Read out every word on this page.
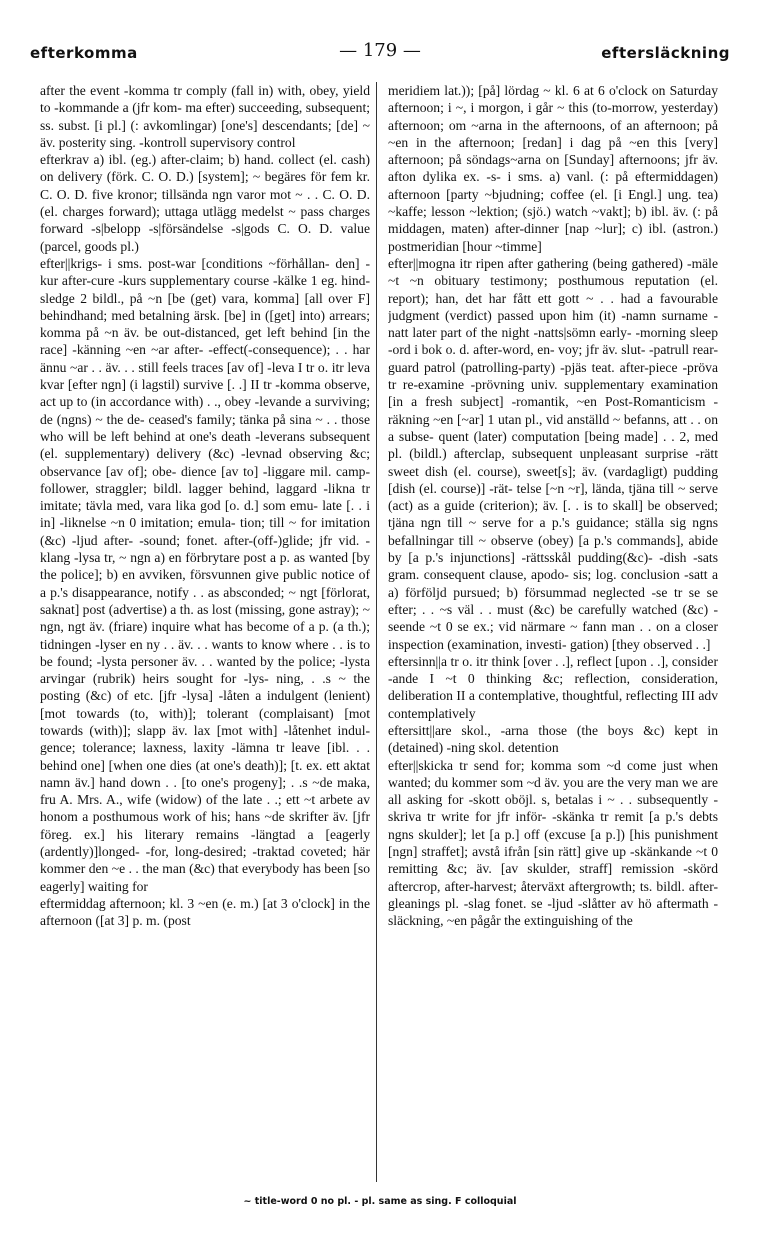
efterkomma	— 179 —	eftersläckning

after the event -komma tr comply (fall in) with, obey, yield to -kommande a (jfr kom- ma efter) succeeding, subsequent; ss. subst. [i pl.] (: avkomlingar) [one's] descendants; [de] ~ äv. posterity sing. -kontroll supervisory control

efterkrav a) ibl. (eg.) after-claim; b) hand. collect (el. cash) on delivery (förk. C. O. D.) [system]; ~ begäres för fem kr. C. O. D. five kronor; tillsända ngn varor mot ~ . . C. O. D. (el. charges forward); uttaga utlägg medelst ~ pass charges forward -s|belopp -s|försändelse -s|gods C. O. D. value (parcel, goods pl.)

efter||krigs- i sms. post-war [conditions ~förhållan- den] -kur after-cure -kurs supplementary course -kälke 1 eg. hind-sledge 2 bildl., på ~n [be (get) vara, komma] [all over F] behindhand; med betalning ärsk. [be] in ([get] into) arrears; komma på ~n äv. be out-distanced, get left behind [in the race] -känning ~en ~ar after- -effect(-consequence); . . har ännu ~ar . . äv. . . still feels traces [av of] -leva I tr o. itr leva kvar [efter ngn] (i lagstil) survive [. .] II tr -komma observe, act up to (in accordance with) . ., obey -levande a surviving; de (ngns) ~ the de- ceased's family; tänka på sina ~ . . those who will be left behind at one's death -leverans subsequent (el. supplementary) delivery (&c) -levnad observing &c; observance [av of]; obe- dience [av to] -liggare mil. camp-follower, straggler; bildl. lagger behind, laggard -likna tr imitate; tävla med, vara lika god [o. d.] som emu- late [. . i in] -liknelse ~n 0 imitation; emula- tion; till ~ for imitation (&c) -ljud after- -sound; fonet. after-(off-)glide; jfr vid. -klang -lysa tr, ~ ngn a) en förbrytare post a p. as wanted [by the police]; b) en avviken, försvunnen give public notice of a p.'s disappearance, notify . . as absconded; ~ ngt [förlorat, saknat] post (advertise) a th. as lost (missing, gone astray); ~ ngn, ngt äv. (friare) inquire what has become of a p. (a th.); tidningen -lyser en ny . . äv. . . wants to know where . . is to be found; -lysta personer äv. . . wanted by the police; -lysta arvingar (rubrik) heirs sought for -lys- ning, . .s ~ the posting (&c) of etc. [jfr -lysa] -låten a indulgent (lenient) [mot towards (to, with)]; tolerant (complaisant) [mot towards (with)]; slapp äv. lax [mot with] -låtenhet indul- gence; tolerance; laxness, laxity -lämna tr leave [ibl. . . behind one] [when one dies (at one's death)]; [t. ex. ett aktat namn äv.] hand down . . [to one's progeny]; . .s ~de maka, fru A. Mrs. A., wife (widow) of the late . .; ett ~t arbete av honom a posthumous work of his; hans ~de skrifter äv. [jfr föreg. ex.] his literary remains -längtad a [eagerly (ardently)]longed- -for, long-desired; -traktad coveted; här kommer den ~e . . the man (&c) that everybody has been [so eagerly] waiting for

eftermiddag afternoon; kl. 3 ~en (e. m.) [at 3 o'clock] in the afternoon ([at 3] p. m. (post

meridiem lat.)); [på] lördag ~ kl. 6 at 6 o'clock on Saturday afternoon; i ~, i morgon, i går ~ this (to-morrow, yesterday) afternoon; om ~arna in the afternoons, of an afternoon; på ~en in the afternoon; [redan] i dag på ~en this [very] afternoon; på söndags~arna on [Sunday] afternoons; jfr äv. afton dylika ex. -s- i sms. a) vanl. (: på eftermiddagen) afternoon [party ~bjudning; coffee (el. [i Engl.] ung. tea) ~kaffe; lesson ~lektion; (sjö.) watch ~vakt]; b) ibl. äv. (: på middagen, maten) after-dinner [nap ~lur]; c) ibl. (astron.) postmeridian [hour ~timme]

efter||mogna itr ripen after gathering (being gathered) -mäle ~t ~n obituary testimony; posthumous reputation (el. report); han, det har fått ett gott ~ . . had a favourable judgment (verdict) passed upon him (it) -namn surname -natt later part of the night -natts|sömn early- -morning sleep -ord i bok o. d. after-word, en- voy; jfr äv. slut- -patrull rear-guard patrol (patrolling-party) -pjäs teat. after-piece -pröva tr re-examine -prövning univ. supplementary examination [in a fresh subject] -romantik, ~en Post-Romanticism -räkning ~en [~ar] 1 utan pl., vid anställd ~ befanns, att . . on a subse- quent (later) computation [being made] . . 2, med pl. (bildl.) afterclap, subsequent unpleasant surprise -rätt sweet dish (el. course), sweet[s]; äv. (vardagligt) pudding [dish (el. course)] -rät- telse [~n ~r], lända, tjäna till ~ serve (act) as a guide (criterion); äv. [. . is to skall] be observed; tjäna ngn till ~ serve for a p.'s guidance; ställa sig ngns befallningar till ~ observe (obey) [a p.'s commands], abide by [a p.'s injunctions] -rättsskål pudding(&c)- -dish -sats gram. consequent clause, apodo- sis; log. conclusion -satt a a) förföljd pursued; b) försummad neglected -se tr se se efter; . . ~s väl . . must (&c) be carefully watched (&c) -seende ~t 0 se ex.; vid närmare ~ fann man . . on a closer inspection (examination, investi- gation) [they observed . .]

eftersinn||a tr o. itr think [over . .], reflect [upon . .], consider -ande I ~t 0 thinking &c; reflection, consideration, deliberation II a contemplative, thoughtful, reflecting III adv contemplatively

eftersitt||are skol., -arna those (the boys &c) kept in (detained) -ning skol. detention

efter||skicka tr send for; komma som ~d come just when wanted; du kommer som ~d äv. you are the very man we are all asking for -skott oböjl. s, betalas i ~ . . subsequently -skriva tr write for jfr inför- -skänka tr remit [a p.'s debts ngns skulder]; let [a p.] off (excuse [a p.]) [his punishment [ngn] straffet]; avstå ifrån [sin rätt] give up -skänkande ~t 0 remitting &c; äv. [av skulder, straff] remission -skörd aftercrop, after-harvest; återväxt aftergrowth; ts. bildl. after-gleanings pl. -slag fonet. se -ljud -slåtter av hö aftermath -släckning, ~en pågår the extinguishing of the

~ title-word 0 no pl. - pl. same as sing. F colloquial
